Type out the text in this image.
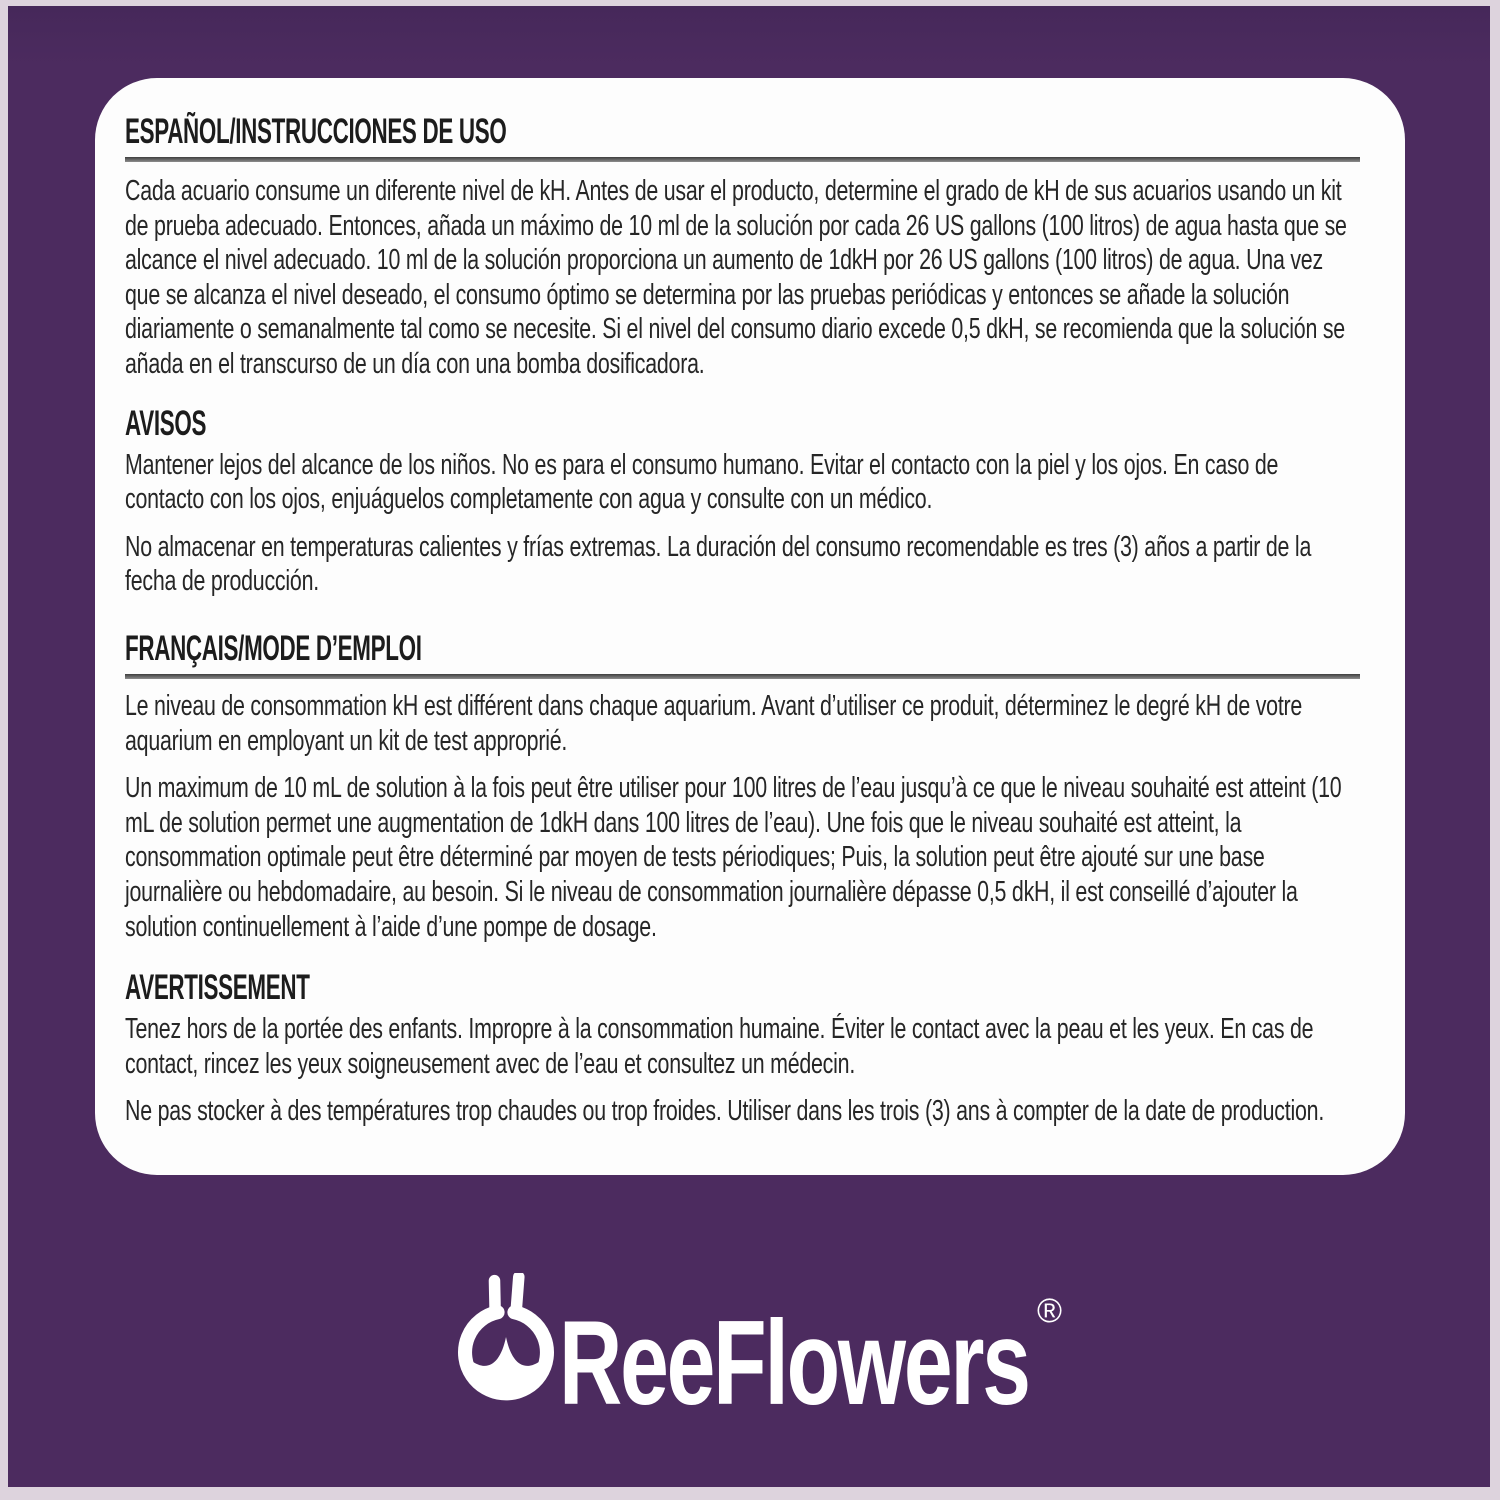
ESPAÑOL/INSTRUCCIONES DE USO

Cada acuario consume un diferente nivel de kH. Antes de usar el producto, determine el grado de kH de sus acuarios usando un kit de prueba adecuado. Entonces, añada un máximo de 10 ml de la solución por cada 26 US gallons (100 litros) de agua hasta que se alcance el nivel adecuado. 10 ml de la solución proporciona un aumento de 1dkH por 26 US gallons (100 litros) de agua. Una vez que se alcanza el nivel deseado, el consumo óptimo se determina por las pruebas periódicas y entonces se añade la solución diariamente o semanalmente tal como se necesite. Si el nivel del consumo diario excede 0,5 dkH, se recomienda que la solución se añada en el transcurso de un día con una bomba dosificadora.

AVISOS

Mantener lejos del alcance de los niños. No es para el consumo humano. Evitar el contacto con la piel y los ojos. En caso de contacto con los ojos, enjuáguelos completamente con agua y consulte con un médico.

No almacenar en temperaturas calientes y frías extremas. La duración del consumo recomendable es tres (3) años a partir de la fecha de producción.

FRANÇAIS/MODE D’EMPLOI

Le niveau de consommation kH est différent dans chaque aquarium. Avant d’utiliser ce produit, déterminez le degré kH de votre aquarium en employant un kit de test approprié.

Un maximum de 10 mL de solution à la fois peut être utiliser pour 100 litres de l’eau jusqu’à ce que le niveau souhaité est atteint (10 mL de solution permet une augmentation de 1dkH dans 100 litres de l’eau). Une fois que le niveau souhaité est atteint, la consommation optimale peut être déterminé par moyen de tests périodiques; Puis, la solution peut être ajouté sur une base journalière ou hebdomadaire, au besoin. Si le niveau de consommation journalière dépasse 0,5 dkH, il est conseillé d’ajouter la solution continuellement à l’aide d’une pompe de dosage.

AVERTISSEMENT

Tenez hors de la portée des enfants. Impropre à la consommation humaine. Éviter le contact avec la peau et les yeux. En cas de contact, rincez les yeux soigneusement avec de l’eau et consultez un médecin.

Ne pas stocker à des températures trop chaudes ou trop froides. Utiliser dans les trois (3) ans à compter de la date de production.

ReeFlowers ®
